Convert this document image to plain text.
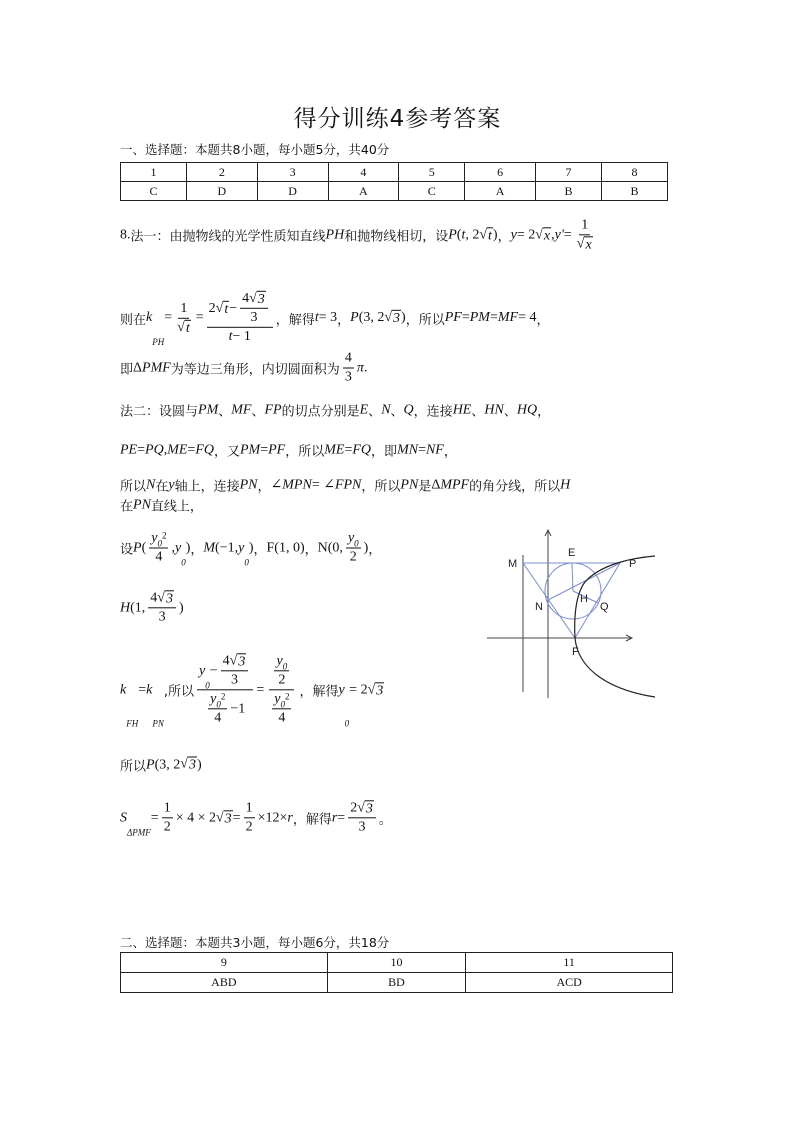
得分训练4参考答案
一、选择题：本题共8小题，每小题5分，共40分
1	2	3	4	5	6	7	8
C	D	D	A	C	A	B	B
8. 法一：由抛物线的光学性质知直线 PH 和抛物线相切，设 P ( t , 2 √ t ) ， y = 2 √ x , $y' = \frac{1}{√ x}$
则在 k
PH
= $\frac{1}{√ t} = \frac{2 √ t - \frac{4 √ 3}{3}}{t - 1}$ ，解得 t = 3 ， P (3, 2 √ 3 ) ，所以 PF = PM = MF = 4 ，
即 Δ PMF 为等边三角形，内切圆面积为 $\frac{4}{3}$ π .
法二：设圆与 PM 、 MF 、 FP 的切点分别是 E 、 N 、 Q ，连接 HE 、 HN 、 HQ ，
PE = PQ , ME = FQ ，又 PM = PF ，所以 ME = FQ ，即 MN = NF ，
所以 N 在 y 轴上，连接 PN ， ∠ MPN = ∠ FPN ，所以 PN 是 Δ MPF 的角分线，所以 H
在 PN 直线上，
设 P ( y 0
2
4 , y
0
) ， M (−1, y
0
) ， F(1, 0) ， N(0, $\frac{y 0}{2}$ ) ，
H (1, $\frac{4 √ 3}{3}$ )
k
FH
= k
PN
,所以 y
0
− $\frac{4 √ 3}{3}$
y 0
2
$4 -1 = \frac{y 0}{2}$
y 0
2
4 ，解得 y
0
= 2 √ 3
所以 P (3, 2 √ 3 )
S
ΔPMF
= $\frac{1}{2} \times 4 \times 2$ √ $3 = \frac{1}{2} \times 12\times r$ ，解得 $r = \frac{2 √ 3}{3}$ 。
M
E
P
N
H
Q
F
二、选择题：本题共3小题，每小题6分，共18分
9	10	11
ABD	BD	ACD
